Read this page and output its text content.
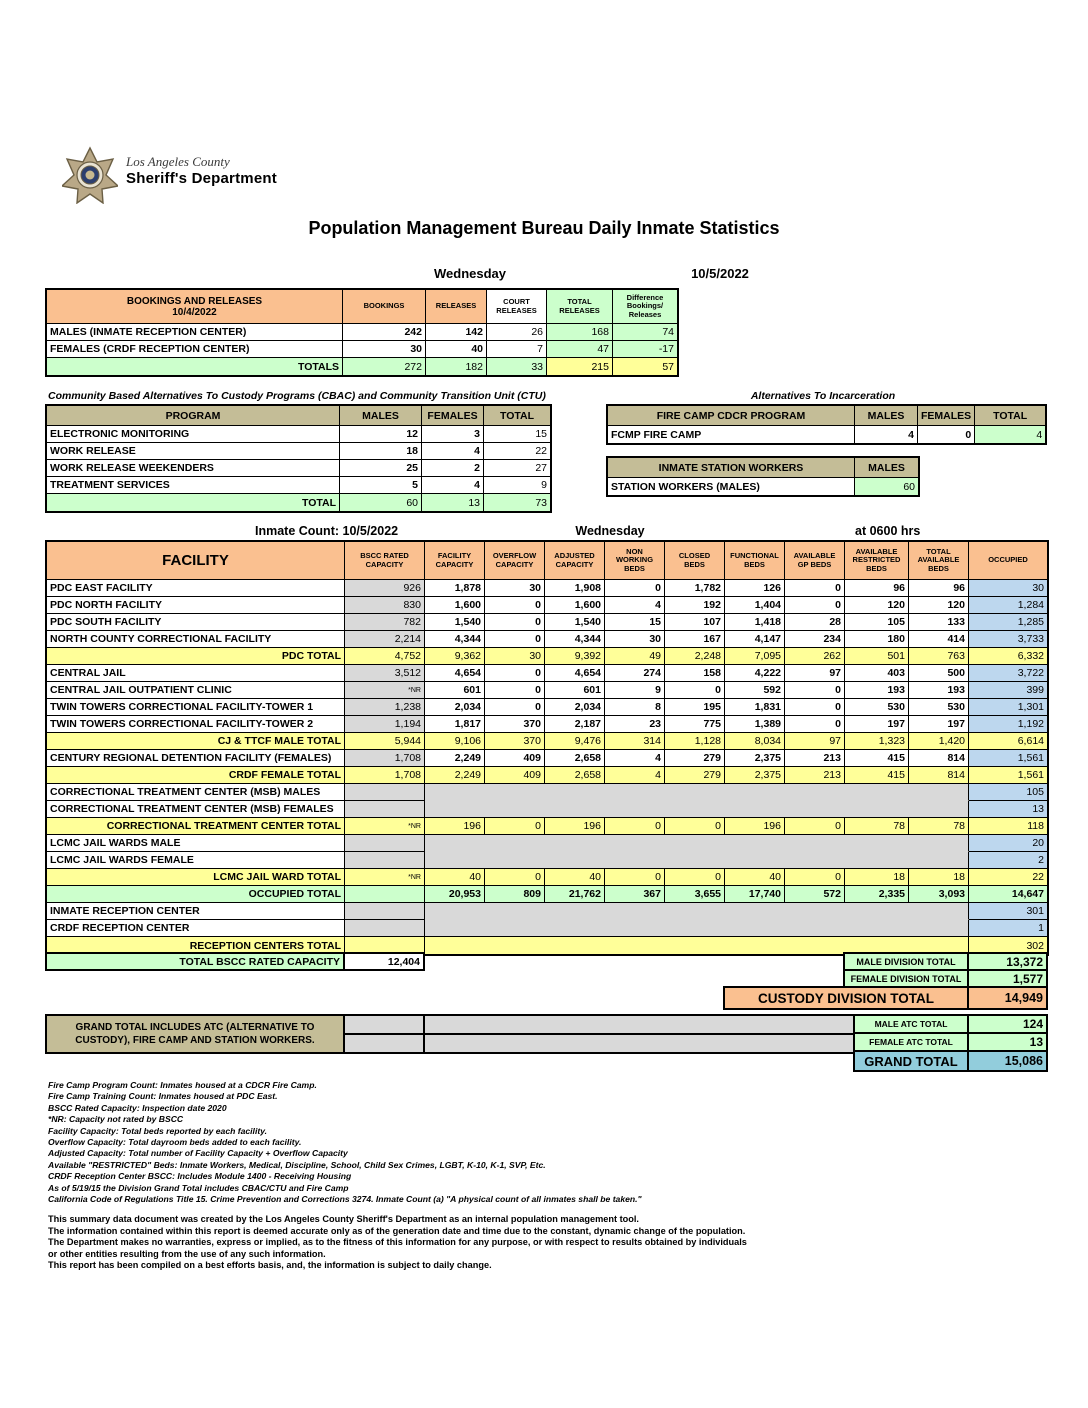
Los Angeles County
Sheriff's Department
Population Management Bureau Daily Inmate Statistics
Wednesday	10/5/2022
BOOKINGS AND RELEASES
10/4/2022	BOOKINGS	RELEASES	COURT RELEASES	TOTAL RELEASES	Difference Bookings/ Releases
MALES (INMATE RECEPTION CENTER)	242	142	26	168	74
FEMALES (CRDF RECEPTION CENTER)	30	40	7	47	-17
TOTALS	272	182	33	215	57
Community Based Alternatives To Custody Programs (CBAC) and Community Transition Unit (CTU)
PROGRAM	MALES	FEMALES	TOTAL
ELECTRONIC MONITORING	12	3	15
WORK RELEASE	18	4	22
WORK RELEASE WEEKENDERS	25	2	27
TREATMENT SERVICES	5	4	9
TOTAL	60	13	73
Alternatives To Incarceration
FIRE CAMP CDCR PROGRAM	MALES	FEMALES	TOTAL
FCMP FIRE CAMP	4	0	4
INMATE STATION WORKERS	MALES
STATION WORKERS (MALES)	60
Inmate Count: 10/5/2022	Wednesday	at 0600 hrs
FACILITY	BSCC RATED CAPACITY	FACILITY CAPACITY	OVERFLOW CAPACITY	ADJUSTED CAPACITY	NON WORKING BEDS	CLOSED BEDS	FUNCTIONAL BEDS	AVAILABLE GP BEDS	AVAILABLE RESTRICTED BEDS	TOTAL AVAILABLE BEDS	OCCUPIED
PDC EAST FACILITY	926	1,878	30	1,908	0	1,782	126	0	96	96	30
PDC NORTH FACILITY	830	1,600	0	1,600	4	192	1,404	0	120	120	1,284
PDC SOUTH FACILITY	782	1,540	0	1,540	15	107	1,418	28	105	133	1,285
NORTH COUNTY CORRECTIONAL FACILITY	2,214	4,344	0	4,344	30	167	4,147	234	180	414	3,733
PDC TOTAL	4,752	9,362	30	9,392	49	2,248	7,095	262	501	763	6,332
CENTRAL JAIL	3,512	4,654	0	4,654	274	158	4,222	97	403	500	3,722
CENTRAL JAIL OUTPATIENT CLINIC	*NR	601	0	601	9	0	592	0	193	193	399
TWIN TOWERS CORRECTIONAL FACILITY-TOWER 1	1,238	2,034	0	2,034	8	195	1,831	0	530	530	1,301
TWIN TOWERS CORRECTIONAL FACILITY-TOWER 2	1,194	1,817	370	2,187	23	775	1,389	0	197	197	1,192
CJ & TTCF MALE TOTAL	5,944	9,106	370	9,476	314	1,128	8,034	97	1,323	1,420	6,614
CENTURY REGIONAL DETENTION FACILITY (FEMALES)	1,708	2,249	409	2,658	4	279	2,375	213	415	814	1,561
CRDF FEMALE TOTAL	1,708	2,249	409	2,658	4	279	2,375	213	415	814	1,561
CORRECTIONAL TREATMENT CENTER (MSB) MALES											105
CORRECTIONAL TREATMENT CENTER (MSB) FEMALES											13
CORRECTIONAL TREATMENT CENTER TOTAL	*NR	196	0	196	0	0	196	0	78	78	118
LCMC JAIL WARDS MALE											20
LCMC JAIL WARDS FEMALE											2
LCMC JAIL WARD TOTAL	*NR	40	0	40	0	0	40	0	18	18	22
OCCUPIED TOTAL		20,953	809	21,762	367	3,655	17,740	572	2,335	3,093	14,647
INMATE RECEPTION CENTER											301
CRDF RECEPTION CENTER											1
RECEPTION CENTERS TOTAL											302
TOTAL BSCC RATED CAPACITY	12,404	MALE DIVISION TOTAL	13,372
FEMALE DIVISION TOTAL	1,577
CUSTODY DIVISION TOTAL	14,949
GRAND TOTAL INCLUDES ATC (ALTERNATIVE TO CUSTODY), FIRE CAMP AND STATION WORKERS.
MALE ATC TOTAL	124
FEMALE ATC TOTAL	13
GRAND TOTAL	15,086
Fire Camp Program Count: Inmates housed at a CDCR Fire Camp.
Fire Camp Training Count: Inmates housed at PDC East.
BSCC Rated Capacity: Inspection date 2020
*NR: Capacity not rated by BSCC
Facility Capacity: Total beds reported by each facility.
Overflow Capacity: Total dayroom beds added to each facility.
Adjusted Capacity: Total number of Facility Capacity + Overflow Capacity
Available "RESTRICTED" Beds: Inmate Workers, Medical, Discipline, School, Child Sex Crimes, LGBT, K-10, K-1, SVP, Etc.
CRDF Reception Center BSCC: Includes Module 1400 - Receiving Housing
As of 5/19/15 the Division Grand Total includes CBAC/CTU and Fire Camp
California Code of Regulations Title 15. Crime Prevention and Corrections 3274. Inmate Count (a) "A physical count of all inmates shall be taken."
This summary data document was created by the Los Angeles County Sheriff's Department as an internal population management tool.
The information contained within this report is deemed accurate only as of the generation date and time due to the constant, dynamic change of the population.
The Department makes no warranties, express or implied, as to the fitness of this information for any purpose, or with respect to results obtained by individuals
or other entities resulting from the use of any such information.
This report has been compiled on a best efforts basis, and, the information is subject to daily change.
